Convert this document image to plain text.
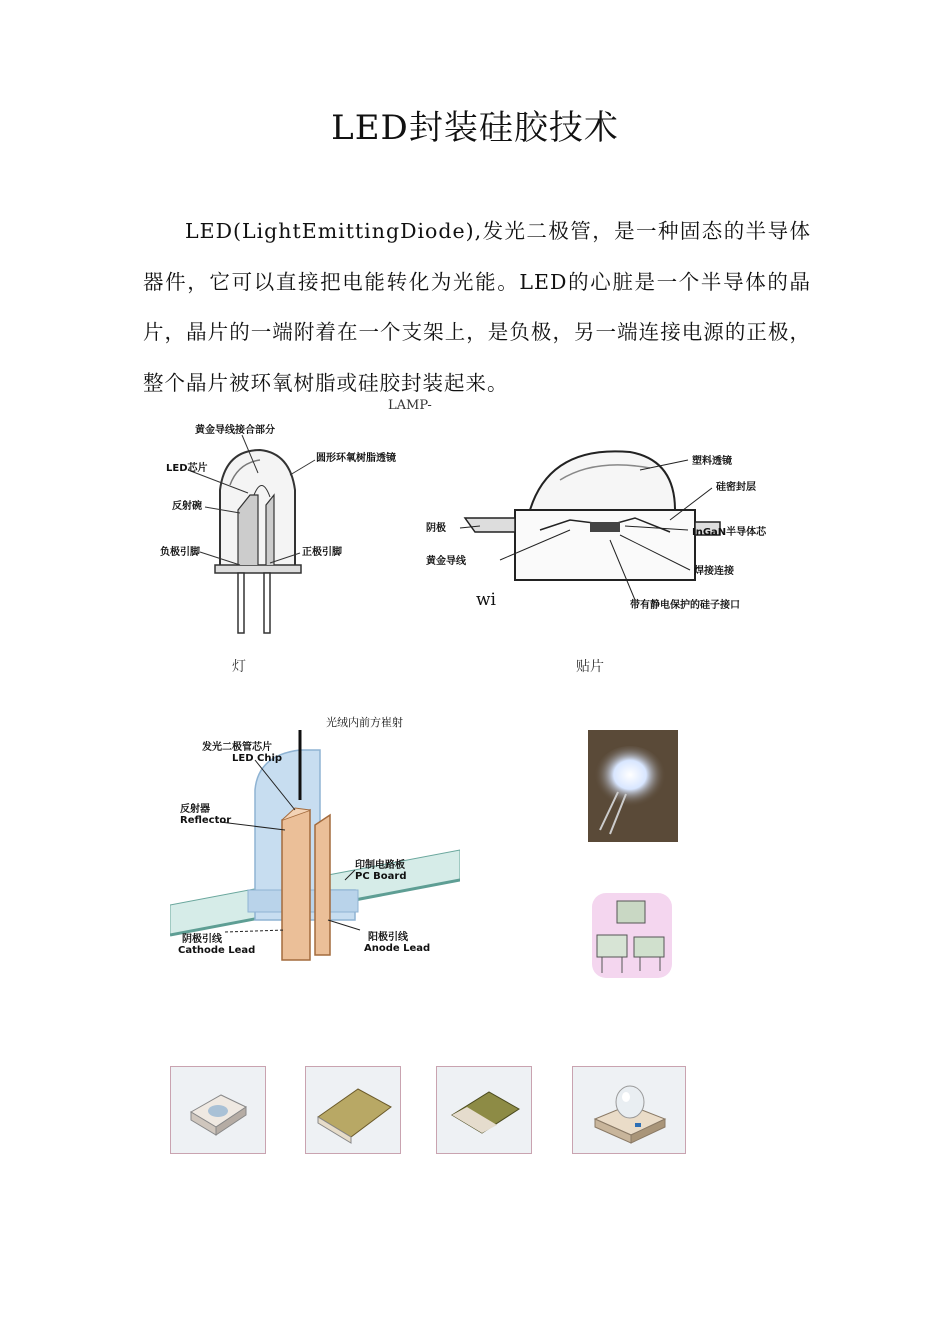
LED封装硅胶技术
LED(LightEmittingDiode),发光二极管，是一种固态的半导体器件，它可以直接把电能转化为光能。LED的心脏是一个半导体的晶片，晶片的一端附着在一个支架上，是负极，另一端连接电源的正极，整个晶片被环氧树脂或硅胶封装起来。
LAMP-
黄金导线接合部分
LED芯片
反射碗
负极引脚
圆形环氧树脂透镜
正极引脚
塑料透镜
硅密封层
阴极	InGaN半导体芯
黄金导线
焊接连接
带有静电保护的硅子接口
wi
灯	贴片
光绒内前方崔射
发光二极管芯片
LED Chip
反射器
Reflector
印制电路板
PC Board
阴极引线
Cathode Lead
阳极引线
Anode Lead
